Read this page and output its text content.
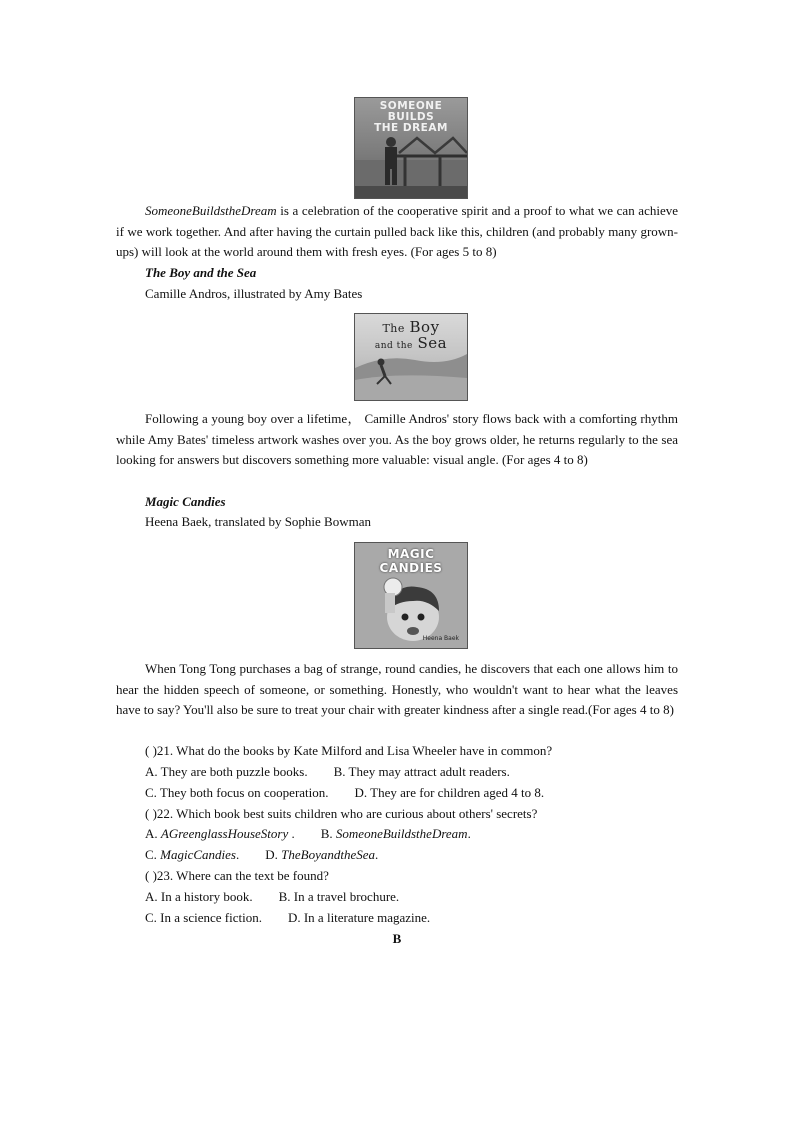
SOMEONE BUILDS
THE DREAM
SomeoneBuildstheDream is a celebration of the cooperative spirit and a proof to what we can achieve if we work together. And after having the curtain pulled back like this, children (and probably many grown-ups) will look at the world around them with fresh eyes. (For ages 5 to 8)
The Boy and the Sea
Camille Andros, illustrated by Amy Bates
The Boy
and the Sea
Following a young boy over a lifetime， Camille Andros' story flows back with a comforting rhythm while Amy Bates' timeless artwork washes over you. As the boy grows older, he returns regularly to the sea looking for answers but discovers something more valuable: visual angle. (For ages 4 to 8)
Magic Candies
Heena Baek, translated by Sophie Bowman
MAGIC CANDIES
Heena Baek
When Tong Tong purchases a bag of strange, round candies, he discovers that each one allows him to hear the hidden speech of someone, or something. Honestly, who wouldn't want to hear what the leaves have to say? You'll also be sure to treat your chair with greater kindness after a single read.(For ages 4 to 8)
( )21. What do the books by Kate Milford and Lisa Wheeler have in common?
A. They are both puzzle books. B. They may attract adult readers.
C. They both focus on cooperation. D. They are for children aged 4 to 8.
( )22. Which book best suits children who are curious about others' secrets?
A. AGreenglassHouseStory . B. SomeoneBuildstheDream.
C. MagicCandies. D. TheBoyandtheSea.
( )23. Where can the text be found?
A. In a history book. B. In a travel brochure.
C. In a science fiction. D. In a literature magazine.
B
